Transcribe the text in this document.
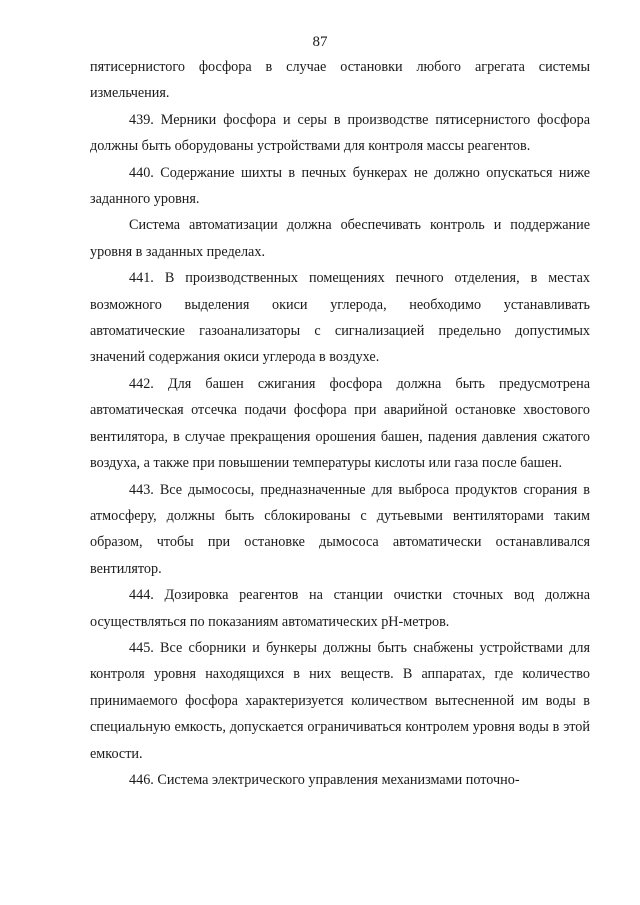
87

пятисернистого фосфора в случае остановки любого агрегата системы измельчения.

439. Мерники фосфора и серы в производстве пятисернистого фосфора должны быть оборудованы устройствами для контроля массы реагентов.

440. Содержание шихты в печных бункерах не должно опускаться ниже заданного уровня.

Система автоматизации должна обеспечивать контроль и поддержание уровня в заданных пределах.

441. В производственных помещениях печного отделения, в местах возможного выделения окиси углерода, необходимо устанавливать автоматические газоанализаторы с сигнализацией предельно допустимых значений содержания окиси углерода в воздухе.

442. Для башен сжигания фосфора должна быть предусмотрена автоматическая отсечка подачи фосфора при аварийной остановке хвостового вентилятора, в случае прекращения орошения башен, падения давления сжатого воздуха, а также при повышении температуры кислоты или газа после башен.

443. Все дымососы, предназначенные для выброса продуктов сгорания в атмосферу, должны быть сблокированы с дутьевыми вентиляторами таким образом, чтобы при остановке дымососа автоматически останавливался вентилятор.

444. Дозировка реагентов на станции очистки сточных вод должна осуществляться по показаниям автоматических pH-метров.

445. Все сборники и бункеры должны быть снабжены устройствами для контроля уровня находящихся в них веществ. В аппаратах, где количество принимаемого фосфора характеризуется количеством вытесненной им воды в специальную емкость, допускается ограничиваться контролем уровня воды в этой емкости.

446. Система электрического управления механизмами поточно-
